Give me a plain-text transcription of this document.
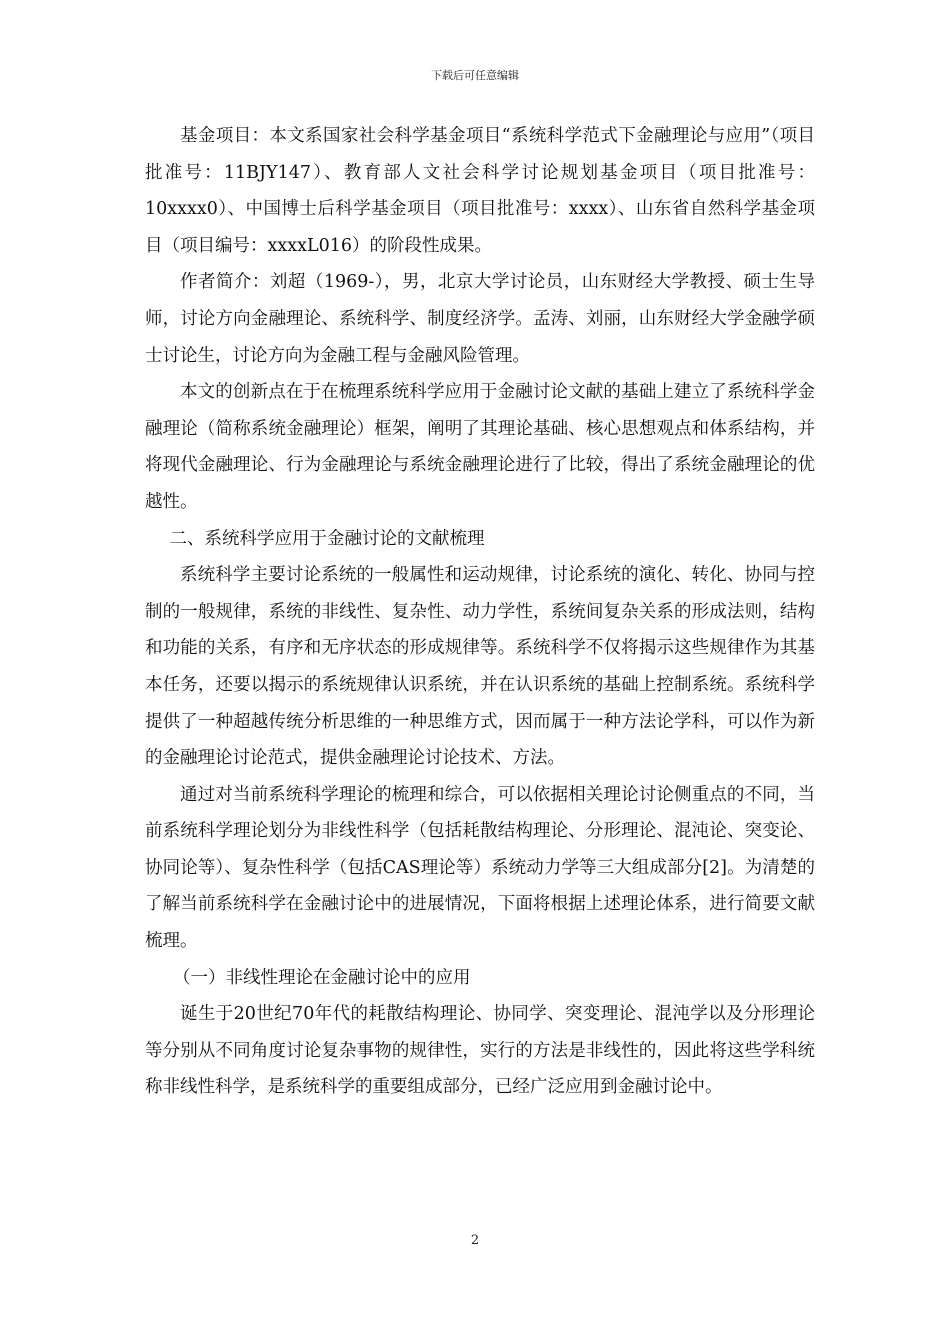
下载后可任意编辑

基金项目：本文系国家社会科学基金项目“系统科学范式下金融理论与应用”（项目批准号：11BJY147）、教育部人文社会科学讨论规划基金项目（项目批准号：10xxxx0）、中国博士后科学基金项目（项目批准号：xxxx）、山东省自然科学基金项目（项目编号：xxxxL016）的阶段性成果。

作者简介：刘超（1969-），男，北京大学讨论员，山东财经大学教授、硕士生导师，讨论方向金融理论、系统科学、制度经济学。孟涛、刘丽，山东财经大学金融学硕士讨论生，讨论方向为金融工程与金融风险管理。

本文的创新点在于在梳理系统科学应用于金融讨论文献的基础上建立了系统科学金融理论（简称系统金融理论）框架，阐明了其理论基础、核心思想观点和体系结构，并将现代金融理论、行为金融理论与系统金融理论进行了比较，得出了系统金融理论的优越性。

二、系统科学应用于金融讨论的文献梳理

系统科学主要讨论系统的一般属性和运动规律，讨论系统的演化、转化、协同与控制的一般规律，系统的非线性、复杂性、动力学性，系统间复杂关系的形成法则，结构和功能的关系，有序和无序状态的形成规律等。系统科学不仅将揭示这些规律作为其基本任务，还要以揭示的系统规律认识系统，并在认识系统的基础上控制系统。系统科学提供了一种超越传统分析思维的一种思维方式，因而属于一种方法论学科，可以作为新的金融理论讨论范式，提供金融理论讨论技术、方法。

通过对当前系统科学理论的梳理和综合，可以依据相关理论讨论侧重点的不同，当前系统科学理论划分为非线性科学（包括耗散结构理论、分形理论、混沌论、突变论、协同论等）、复杂性科学（包括CAS理论等）系统动力学等三大组成部分[2]。为清楚的了解当前系统科学在金融讨论中的进展情况，下面将根据上述理论体系，进行简要文献梳理。

（一）非线性理论在金融讨论中的应用

诞生于20世纪70年代的耗散结构理论、协同学、突变理论、混沌学以及分形理论等分别从不同角度讨论复杂事物的规律性，实行的方法是非线性的，因此将这些学科统称非线性科学，是系统科学的重要组成部分，已经广泛应用到金融讨论中。

2
